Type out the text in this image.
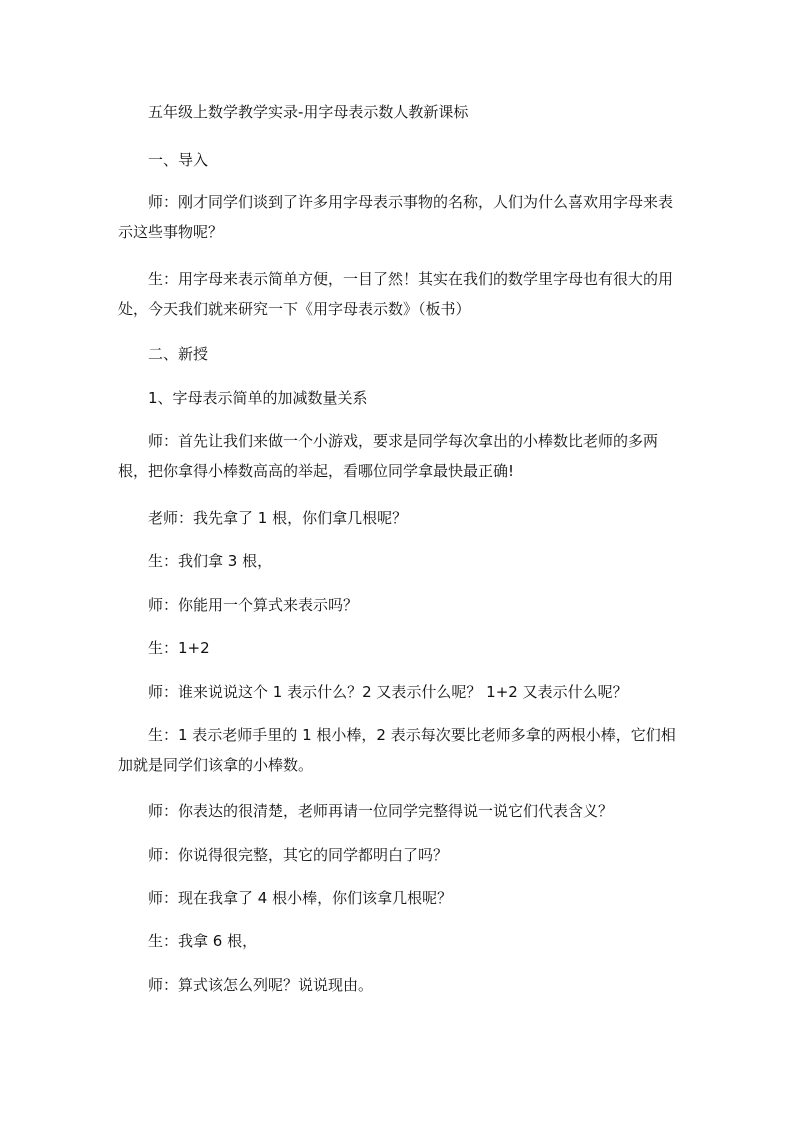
五年级上数学教学实录-用字母表示数人教新课标

一、导入

师：刚才同学们谈到了许多用字母表示事物的名称，人们为什么喜欢用字母来表示这些事物呢？

生：用字母来表示简单方便，一目了然！其实在我们的数学里字母也有很大的用处，今天我们就来研究一下《用字母表示数》（板书）

二、新授

1、字母表示简单的加减数量关系

师：首先让我们来做一个小游戏，要求是同学每次拿出的小棒数比老师的多两根，把你拿得小棒数高高的举起，看哪位同学拿最快最正确!

老师：我先拿了 1 根，你们拿几根呢？

生：我们拿 3 根，

师：你能用一个算式来表示吗？

生：1+2

师：谁来说说这个 1 表示什么？2 又表示什么呢？ 1+2 又表示什么呢？

生：1 表示老师手里的 1 根小棒，2 表示每次要比老师多拿的两根小棒，它们相加就是同学们该拿的小棒数。

师：你表达的很清楚，老师再请一位同学完整得说一说它们代表含义？

师：你说得很完整，其它的同学都明白了吗？

师：现在我拿了 4 根小棒，你们该拿几根呢？

生：我拿 6 根，

师：算式该怎么列呢？说说现由。
